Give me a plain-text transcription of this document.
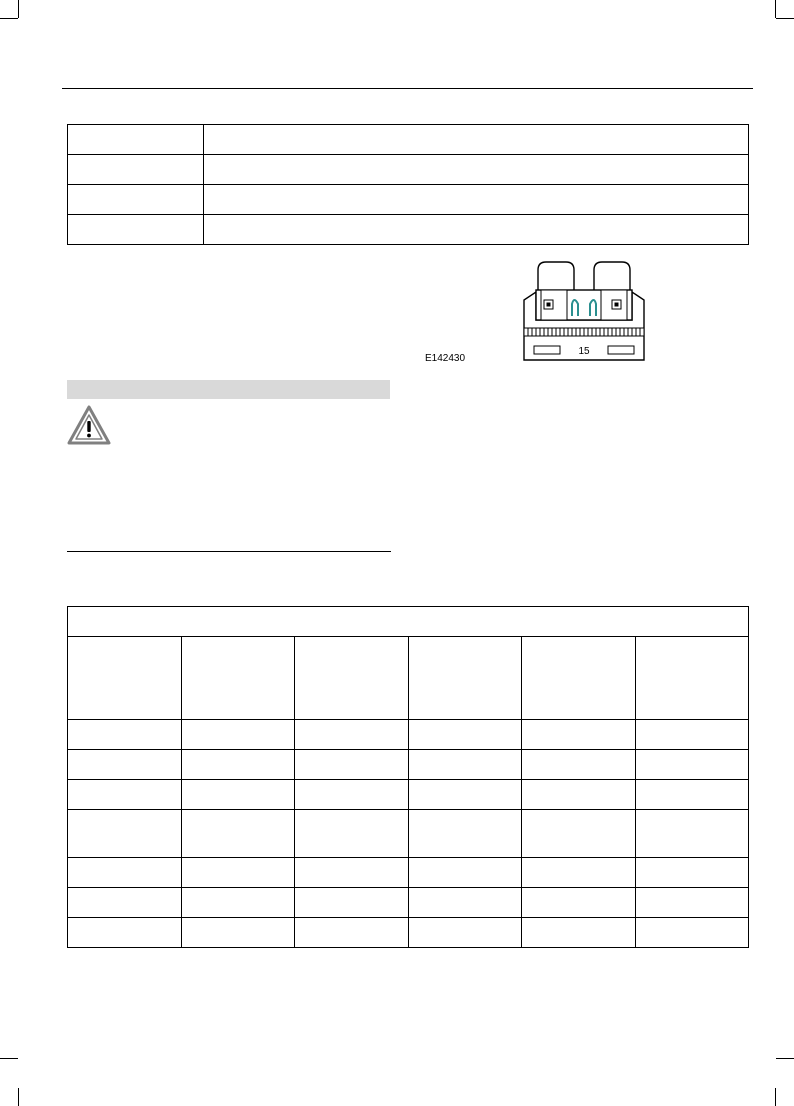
E142430
15
